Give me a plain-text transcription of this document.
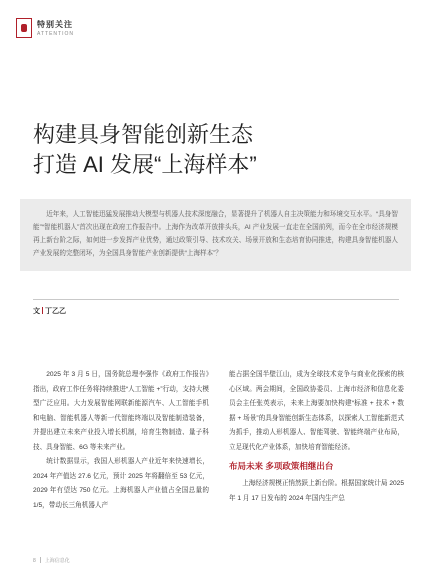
特别关注
ATTENTION
构建具身智能创新生态
打造 AI 发展“上海样本”

近年来，人工智能迅猛发展推动大模型与机器人技术深度融合，显著提升了机器人自主决策能力和环境交互水平。“具身智能”“智能机器人”首次出现在政府工作报告中。上海作为改革开放排头兵，AI 产业发展一直走在全国前列，而今在全市经济规模再上新台阶之际，如何进一步发挥产业优势，通过政策引导、技术攻关、场景开放和生态培育协同推进，构建具身智能机器人产业发展的完整闭环，为全国具身智能产业创新提供“上海样本”？

文 丁乙乙

2025 年 3 月 5 日，国务院总理李强作《政府工作报告》指出，政府工作任务将持续推进“人工智能 +”行动，支持大模型广泛应用。大力发展智能网联新能源汽车、人工智能手机和电脑、智能机器人等新一代智能终端以及智能制造装备，并提出建立未来产业投入增长机制，培育生物制造、量子科技、具身智能、6G 等未来产业。

统计数据显示，我国人形机器人产业近年来快速增长，2024 年产值达 27.6 亿元，预计 2025 年将翻倍至 53 亿元，2029 年有望达 750 亿元。上海机器人产业值占全国总量的 1/5，带动长三角机器人产

能占据全国半壁江山，成为全球技术竞争与商业化探索的核心区域。两会期间，全国政协委员、上海市经济和信息化委员会主任张英表示，未来上海要加快构建“标准 + 技术 + 数据 + 场景”的具身智能创新生态体系，以探索人工智能新范式为抓手，推动人形机器人、智能驾驶、智能终端产业布局，立足现代化产业体系，加快培育智能经济。

布局未来 多项政策相继出台

上海经济规模正悄然跃上新台阶。根据国家统计局 2025 年 1 月 17 日发布的 2024 年国内生产总

8 上海信息化
